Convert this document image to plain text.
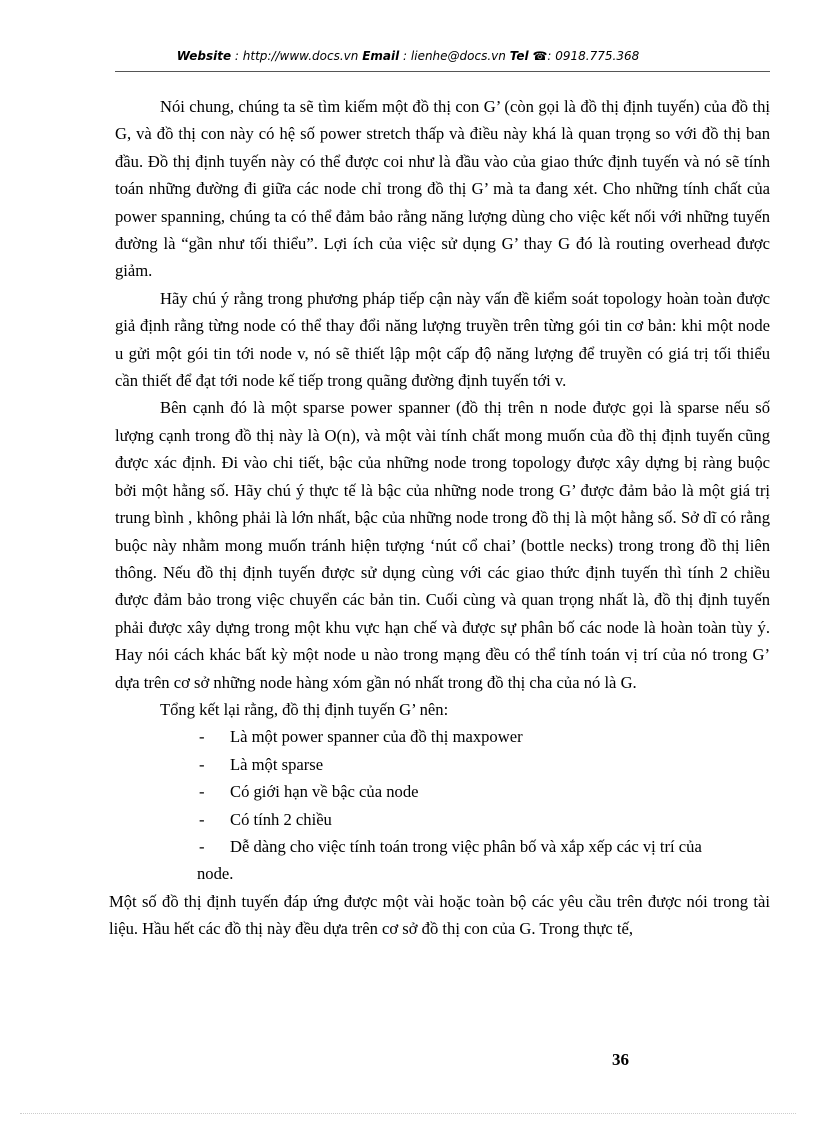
Website : http://www.docs.vn Email : lienhe@docs.vn Tel ☎: 0918.775.368

Nói chung, chúng ta sẽ tìm kiếm một đồ thị con G’ (còn gọi là đồ thị định tuyến) của đồ thị G, và đồ thị con này có hệ số power stretch thấp và điều này khá là quan trọng so với đồ thị ban đầu. Đồ thị định tuyến này có thể được coi như là đầu vào của giao thức định tuyến và nó sẽ tính toán những đường đi giữa các node chỉ trong đồ thị G’ mà ta đang xét. Cho những tính chất của power spanning, chúng ta có thể đảm bảo rằng năng lượng dùng cho việc kết nối với những tuyến đường là “gần như tối thiểu”. Lợi ích của việc sử dụng G’ thay G đó là routing overhead được giảm.

Hãy chú ý rằng trong phương pháp tiếp cận này vấn đề kiểm soát topology hoàn toàn được giả định rằng từng node có thể thay đổi năng lượng truyền trên từng gói tin cơ bản: khi một node u gửi một gói tin tới node v, nó sẽ thiết lập một cấp độ năng lượng để truyền có giá trị tối thiểu cần thiết để đạt tới node kế tiếp trong quãng đường định tuyến tới v.

Bên cạnh đó là một sparse power spanner (đồ thị trên n node được gọi là sparse nếu số lượng cạnh trong đồ thị này là O(n), và một vài tính chất mong muốn của đồ thị định tuyến cũng được xác định. Đi vào chi tiết, bậc của những node trong topology được xây dựng bị ràng buộc bởi một hằng số. Hãy chú ý thực tế là bậc của những node trong G’ được đảm bảo là một giá trị trung bình , không phải là lớn nhất, bậc của những node trong đồ thị là một hằng số. Sở dĩ có rằng buộc này nhằm mong muốn tránh hiện tượng ‘nút cổ chai’ (bottle necks) trong trong đồ thị liên thông. Nếu đồ thị định tuyến được sử dụng cùng với các giao thức định tuyến thì tính 2 chiều được đảm bảo trong việc chuyển các bản tin. Cuối cùng và quan trọng nhất là, đồ thị định tuyến phải được xây dựng trong một khu vực hạn chế và được sự phân bố các node là hoàn toàn tùy ý. Hay nói cách khác bất kỳ một node u nào trong mạng đều có thể tính toán vị trí của nó trong G’ dựa trên cơ sở những node hàng xóm gần nó nhất trong đồ thị cha của nó là G.

Tổng kết lại rằng, đồ thị định tuyến G’ nên:

- Là một power spanner của đồ thị maxpower
- Là một sparse
- Có giới hạn về bậc của node
- Có tính 2 chiều
- Dễ dàng cho việc tính toán trong việc phân bố và xắp xếp các vị trí của

node.

Một số đồ thị định tuyến đáp ứng được một vài hoặc toàn bộ các yêu cầu trên được nói trong tài liệu. Hầu hết các đồ thị này đều dựa trên cơ sở đồ thị con của G. Trong thực tế,

36
